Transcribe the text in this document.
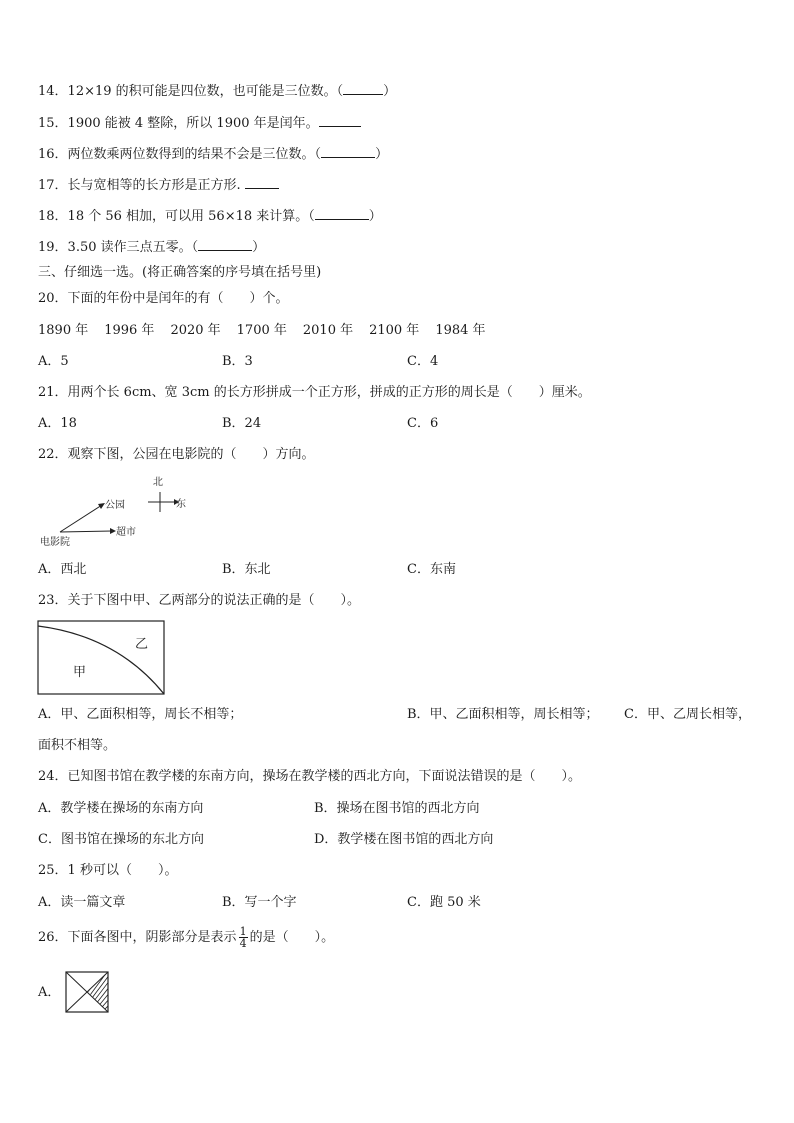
14．12×19 的积可能是四位数，也可能是三位数。（	）
15．1900 能被 4 整除，所以 1900 年是闰年。
16．两位数乘两位数得到的结果不会是三位数。（	）
17．长与宽相等的长方形是正方形.
18．18 个 56 相加，可以用 56×18 来计算。（	）
19．3.50 读作三点五零。（	）
三、仔细选一选。(将正确答案的序号填在括号里)
20．下面的年份中是闰年的有（　　）个。
1890 年 1996 年 2020 年 1700 年 2010 年 2100 年 1984 年
A．5	B．3	C．4
21．用两个长 6cm、宽 3cm 的长方形拼成一个正方形，拼成的正方形的周长是（　　）厘米。
A．18	B．24	C．6
22．观察下图，公园在电影院的（　　）方向。
北
东
公园
超市
电影院
A．西北	B．东北	C．东南
23．关于下图中甲、乙两部分的说法正确的是（　　）。
甲
乙
A．甲、乙面积相等，周长不相等；	B．甲、乙面积相等，周长相等； C．甲、乙周长相等，
面积不相等。
24．已知图书馆在教学楼的东南方向，操场在教学楼的西北方向，下面说法错误的是（　　）。
A．教学楼在操场的东南方向	B．操场在图书馆的西北方向
C．图书馆在操场的东北方向	D．教学楼在图书馆的西北方向
25．1 秒可以（　　）。
A．读一篇文章	B．写一个字	C．跑 50 米
26．下面各图中，阴影部分是表示 $\frac{1}{4}$ 的是（　　）。
A．
